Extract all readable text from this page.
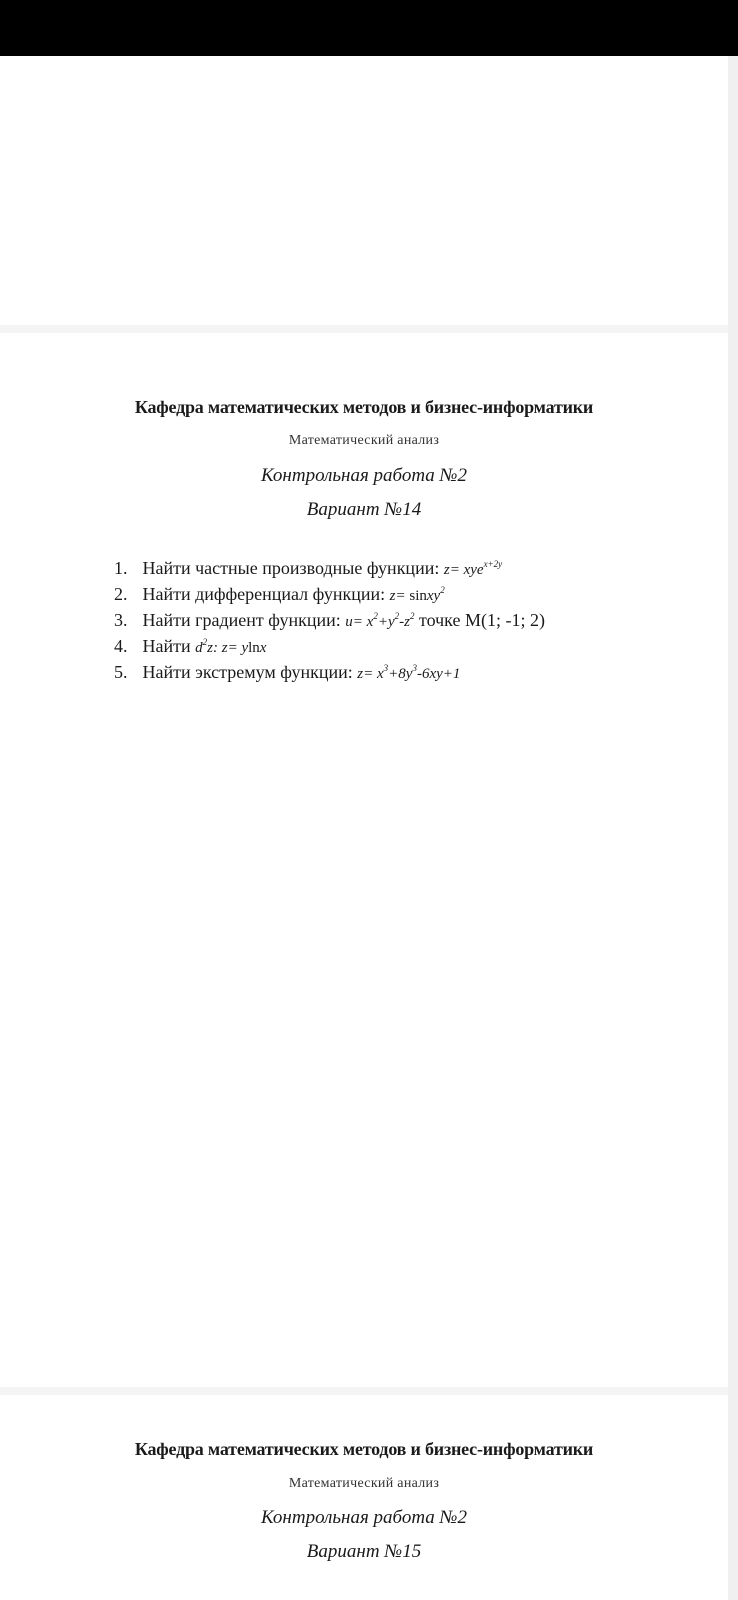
Кафедра математических методов и бизнес-информатики
Математический анализ
Контрольная работа №2
Вариант №14
1. Найти частные производные функции: z= xye$^{x+2y}$
2. Найти дифференциал функции: z= sinxy$^2$
3. Найти градиент функции: $u= x^2+y^2-z^2$ точке М(1; -1; 2)
4. Найти $d^2z$: z= ylnx
5. Найти экстремум функции: $z= x^3+8y^3-6xy+1$
Кафедра математических методов и бизнес-информатики
Математический анализ
Контрольная работа №2
Вариант №15
